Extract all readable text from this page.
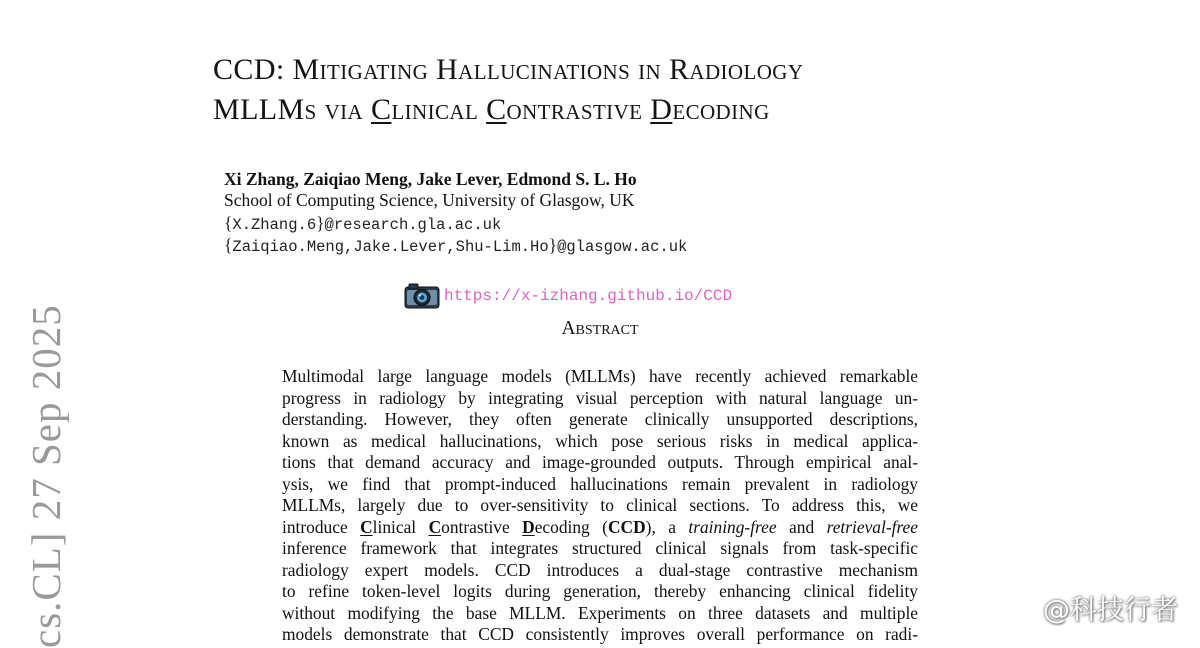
CCD: Mitigating Hallucinations in Radiology
MLLMs via Clinical Contrastive Decoding
Xi Zhang, Zaiqiao Meng, Jake Lever, Edmond S. L. Ho
School of Computing Science, University of Glasgow, UK
{X.Zhang.6}@research.gla.ac.uk
{Zaiqiao.Meng,Jake.Lever,Shu-Lim.Ho}@glasgow.ac.uk
https://x-izhang.github.io/CCD
Abstract
Multimodal large language models (MLLMs) have recently achieved remarkable
progress in radiology by integrating visual perception with natural language un-
derstanding. However, they often generate clinically unsupported descriptions,
known as medical hallucinations, which pose serious risks in medical applica-
tions that demand accuracy and image-grounded outputs. Through empirical anal-
ysis, we find that prompt-induced hallucinations remain prevalent in radiology
MLLMs, largely due to over-sensitivity to clinical sections. To address this, we
introduce Clinical Contrastive Decoding (CCD), a training-free and retrieval-free
inference framework that integrates structured clinical signals from task-specific
radiology expert models. CCD introduces a dual-stage contrastive mechanism
to refine token-level logits during generation, thereby enhancing clinical fidelity
without modifying the base MLLM. Experiments on three datasets and multiple
models demonstrate that CCD consistently improves overall performance on radi-
cs.CL] 27 Sep 2025	@科技行者
